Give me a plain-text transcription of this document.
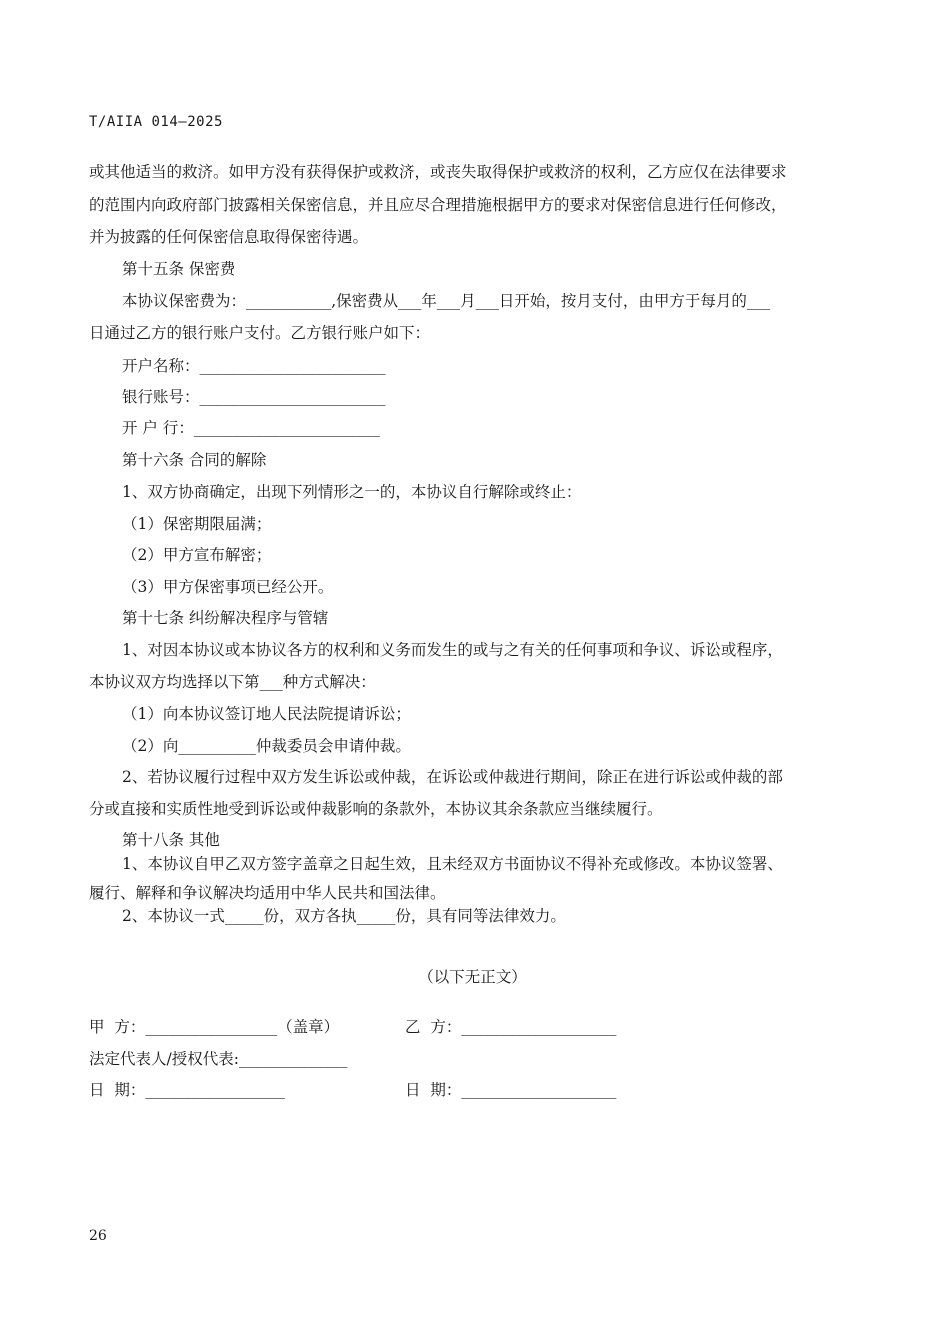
T/AIIA 014—2025
或其他适当的救济。如甲方没有获得保护或救济，或丧失取得保护或救济的权利，乙方应仅在法律要求
的范围内向政府部门披露相关保密信息，并且应尽合理措施根据甲方的要求对保密信息进行任何修改，
并为披露的任何保密信息取得保密待遇。
第十五条 保密费
本协议保密费为：___________,保密费从___年___月___日开始，按月支付，由甲方于每月的___
日通过乙方的银行账户支付。乙方银行账户如下：
开户名称：________________________
银行账号：________________________
开 户 行：________________________
第十六条 合同的解除
1、双方协商确定，出现下列情形之一的，本协议自行解除或终止：
（1）保密期限届满；
（2）甲方宣布解密；
（3）甲方保密事项已经公开。
第十七条 纠纷解决程序与管辖
1、对因本协议或本协议各方的权利和义务而发生的或与之有关的任何事项和争议、诉讼或程序，
本协议双方均选择以下第___种方式解决：
（1）向本协议签订地人民法院提请诉讼；
（2）向__________仲裁委员会申请仲裁。
2、若协议履行过程中双方发生诉讼或仲裁，在诉讼或仲裁进行期间，除正在进行诉讼或仲裁的部
分或直接和实质性地受到诉讼或仲裁影响的条款外，本协议其余条款应当继续履行。
第十八条 其他
1、本协议自甲乙双方签字盖章之日起生效，且未经双方书面协议不得补充或修改。本协议签署、
履行、解释和争议解决均适用中华人民共和国法律。
2、本协议一式_____份，双方各执_____份，具有同等法律效力。
（以下无正文）
甲  方：_________________（盖章）	乙  方：____________________
法定代表人/授权代表:______________
日  期：__________________	日  期：____________________
26
